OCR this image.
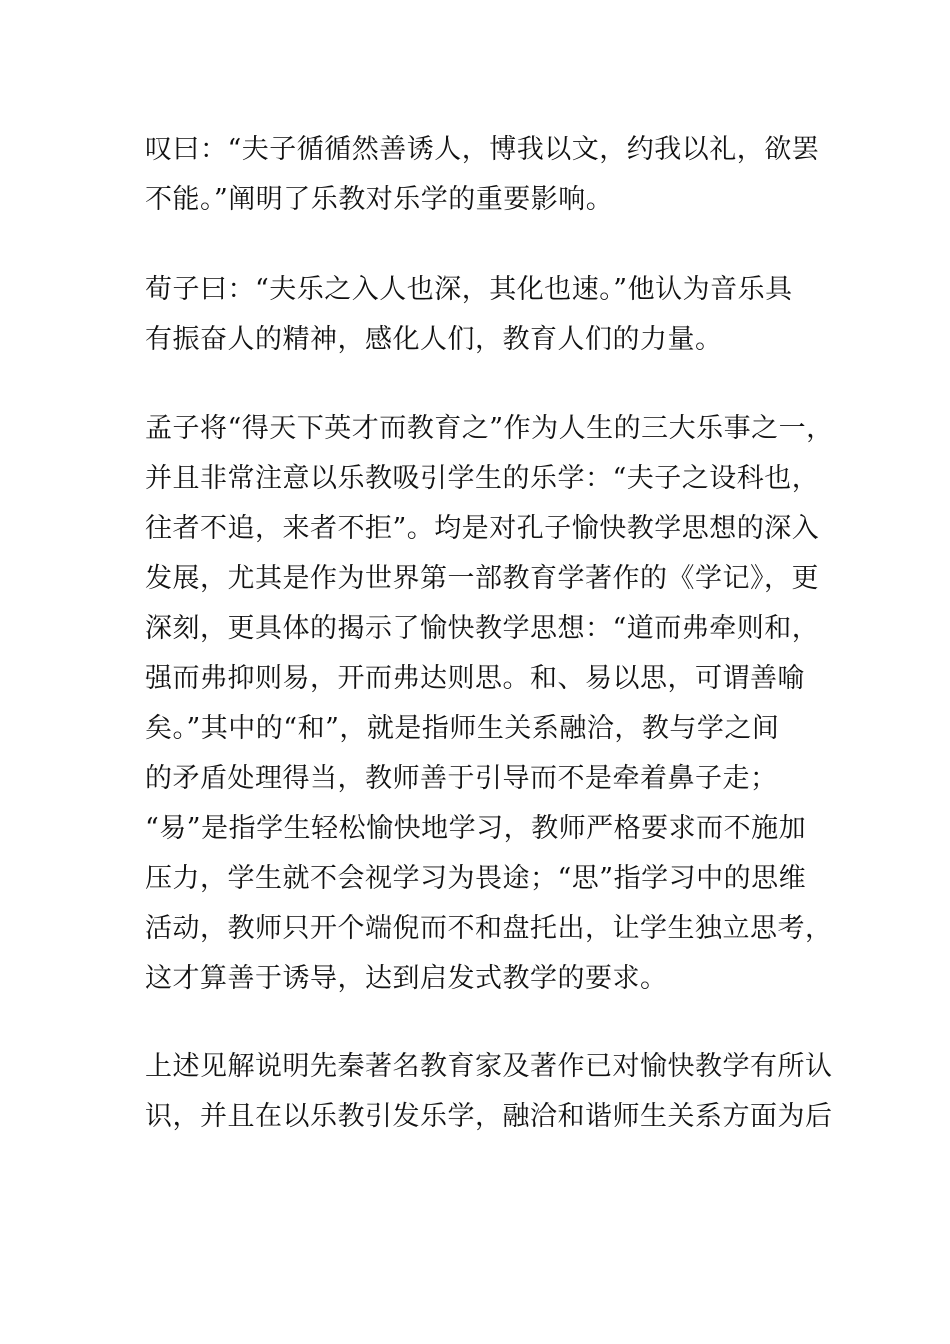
叹曰：“夫子循循然善诱人，博我以文，约我以礼，欲罢
不能。”阐明了乐教对乐学的重要影响。
荀子曰：“夫乐之入人也深，其化也速。”他认为音乐具
有振奋人的精神，感化人们，教育人们的力量。
孟子将“得天下英才而教育之”作为人生的三大乐事之一，
并且非常注意以乐教吸引学生的乐学：“夫子之设科也，
往者不追，来者不拒”。均是对孔子愉快教学思想的深入
发展，尤其是作为世界第一部教育学著作的《学记》，更
深刻，更具体的揭示了愉快教学思想：“道而弗牵则和，
强而弗抑则易，开而弗达则思。和、易以思，可谓善喻
矣。”其中的“和”，就是指师生关系融洽，教与学之间
的矛盾处理得当，教师善于引导而不是牵着鼻子走；
“易”是指学生轻松愉快地学习，教师严格要求而不施加
压力，学生就不会视学习为畏途；“思”指学习中的思维
活动，教师只开个端倪而不和盘托出，让学生独立思考，
这才算善于诱导，达到启发式教学的要求。
上述见解说明先秦著名教育家及著作已对愉快教学有所认
识，并且在以乐教引发乐学，融洽和谐师生关系方面为后
